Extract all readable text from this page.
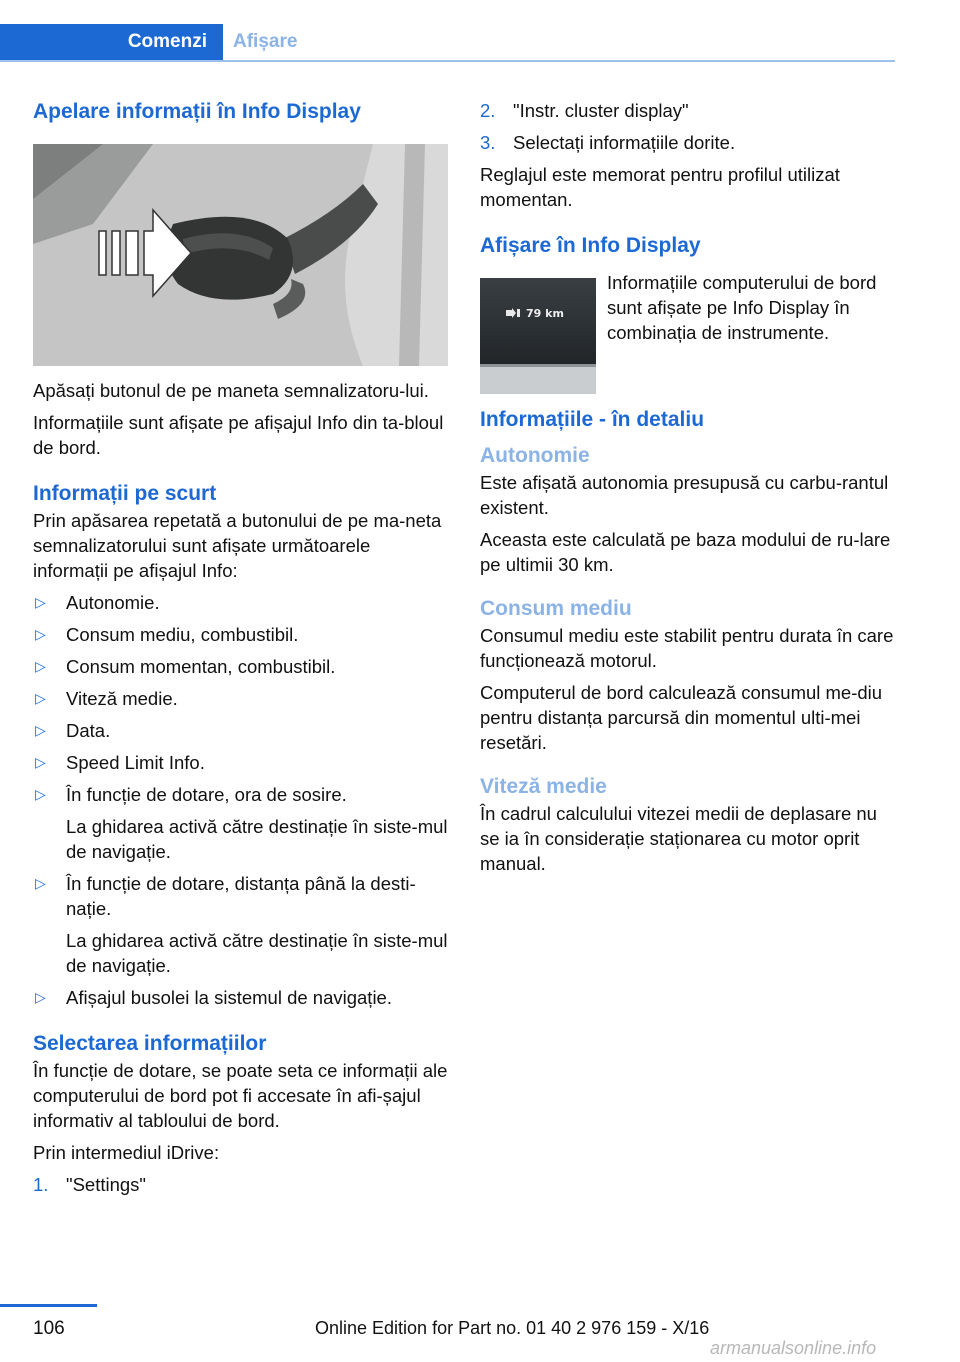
Comenzi	Afișare
Apelare informații în Info Display

Apăsați butonul de pe maneta semnalizatoru-lui.

Informațiile sunt afișate pe afișajul Info din ta-bloul de bord.

Informații pe scurt

Prin apăsarea repetată a butonului de pe ma-neta semnalizatorului sunt afișate următoarele informații pe afișajul Info:

▷ Autonomie.
▷ Consum mediu, combustibil.
▷ Consum momentan, combustibil.
▷ Viteză medie.
▷ Data.
▷ Speed Limit Info.
▷ În funcție de dotare, ora de sosire.
La ghidarea activă către destinație în siste-mul de navigație.
▷ În funcție de dotare, distanța până la desti-nație.
La ghidarea activă către destinație în siste-mul de navigație.
▷ Afișajul busolei la sistemul de navigație.
Selectarea informațiilor

În funcție de dotare, se poate seta ce informații ale computerului de bord pot fi accesate în afi-șajul informativ al tabloului de bord.

Prin intermediul iDrive:

1. "Settings"
2. "Instr. cluster display"
3. Selectați informațiile dorite.

Reglajul este memorat pentru profilul utilizat momentan.

Afișare în Info Display
79 km
Informațiile computerului de bord sunt afișate pe Info Display în combinația de instrumente.
Informațiile - în detaliu
Autonomie

Este afișată autonomia presupusă cu carbu-rantul existent.

Aceasta este calculată pe baza modului de ru-lare pe ultimii 30 km.

Consum mediu

Consumul mediu este stabilit pentru durata în care funcționează motorul.

Computerul de bord calculează consumul me-diu pentru distanța parcursă din momentul ulti-mei resetări.

Viteză medie

În cadrul calculului vitezei medii de deplasare nu se ia în considerație staționarea cu motor oprit manual.

106	Online Edition for Part no. 01 40 2 976 159 - X/16
armanualsonline.info
